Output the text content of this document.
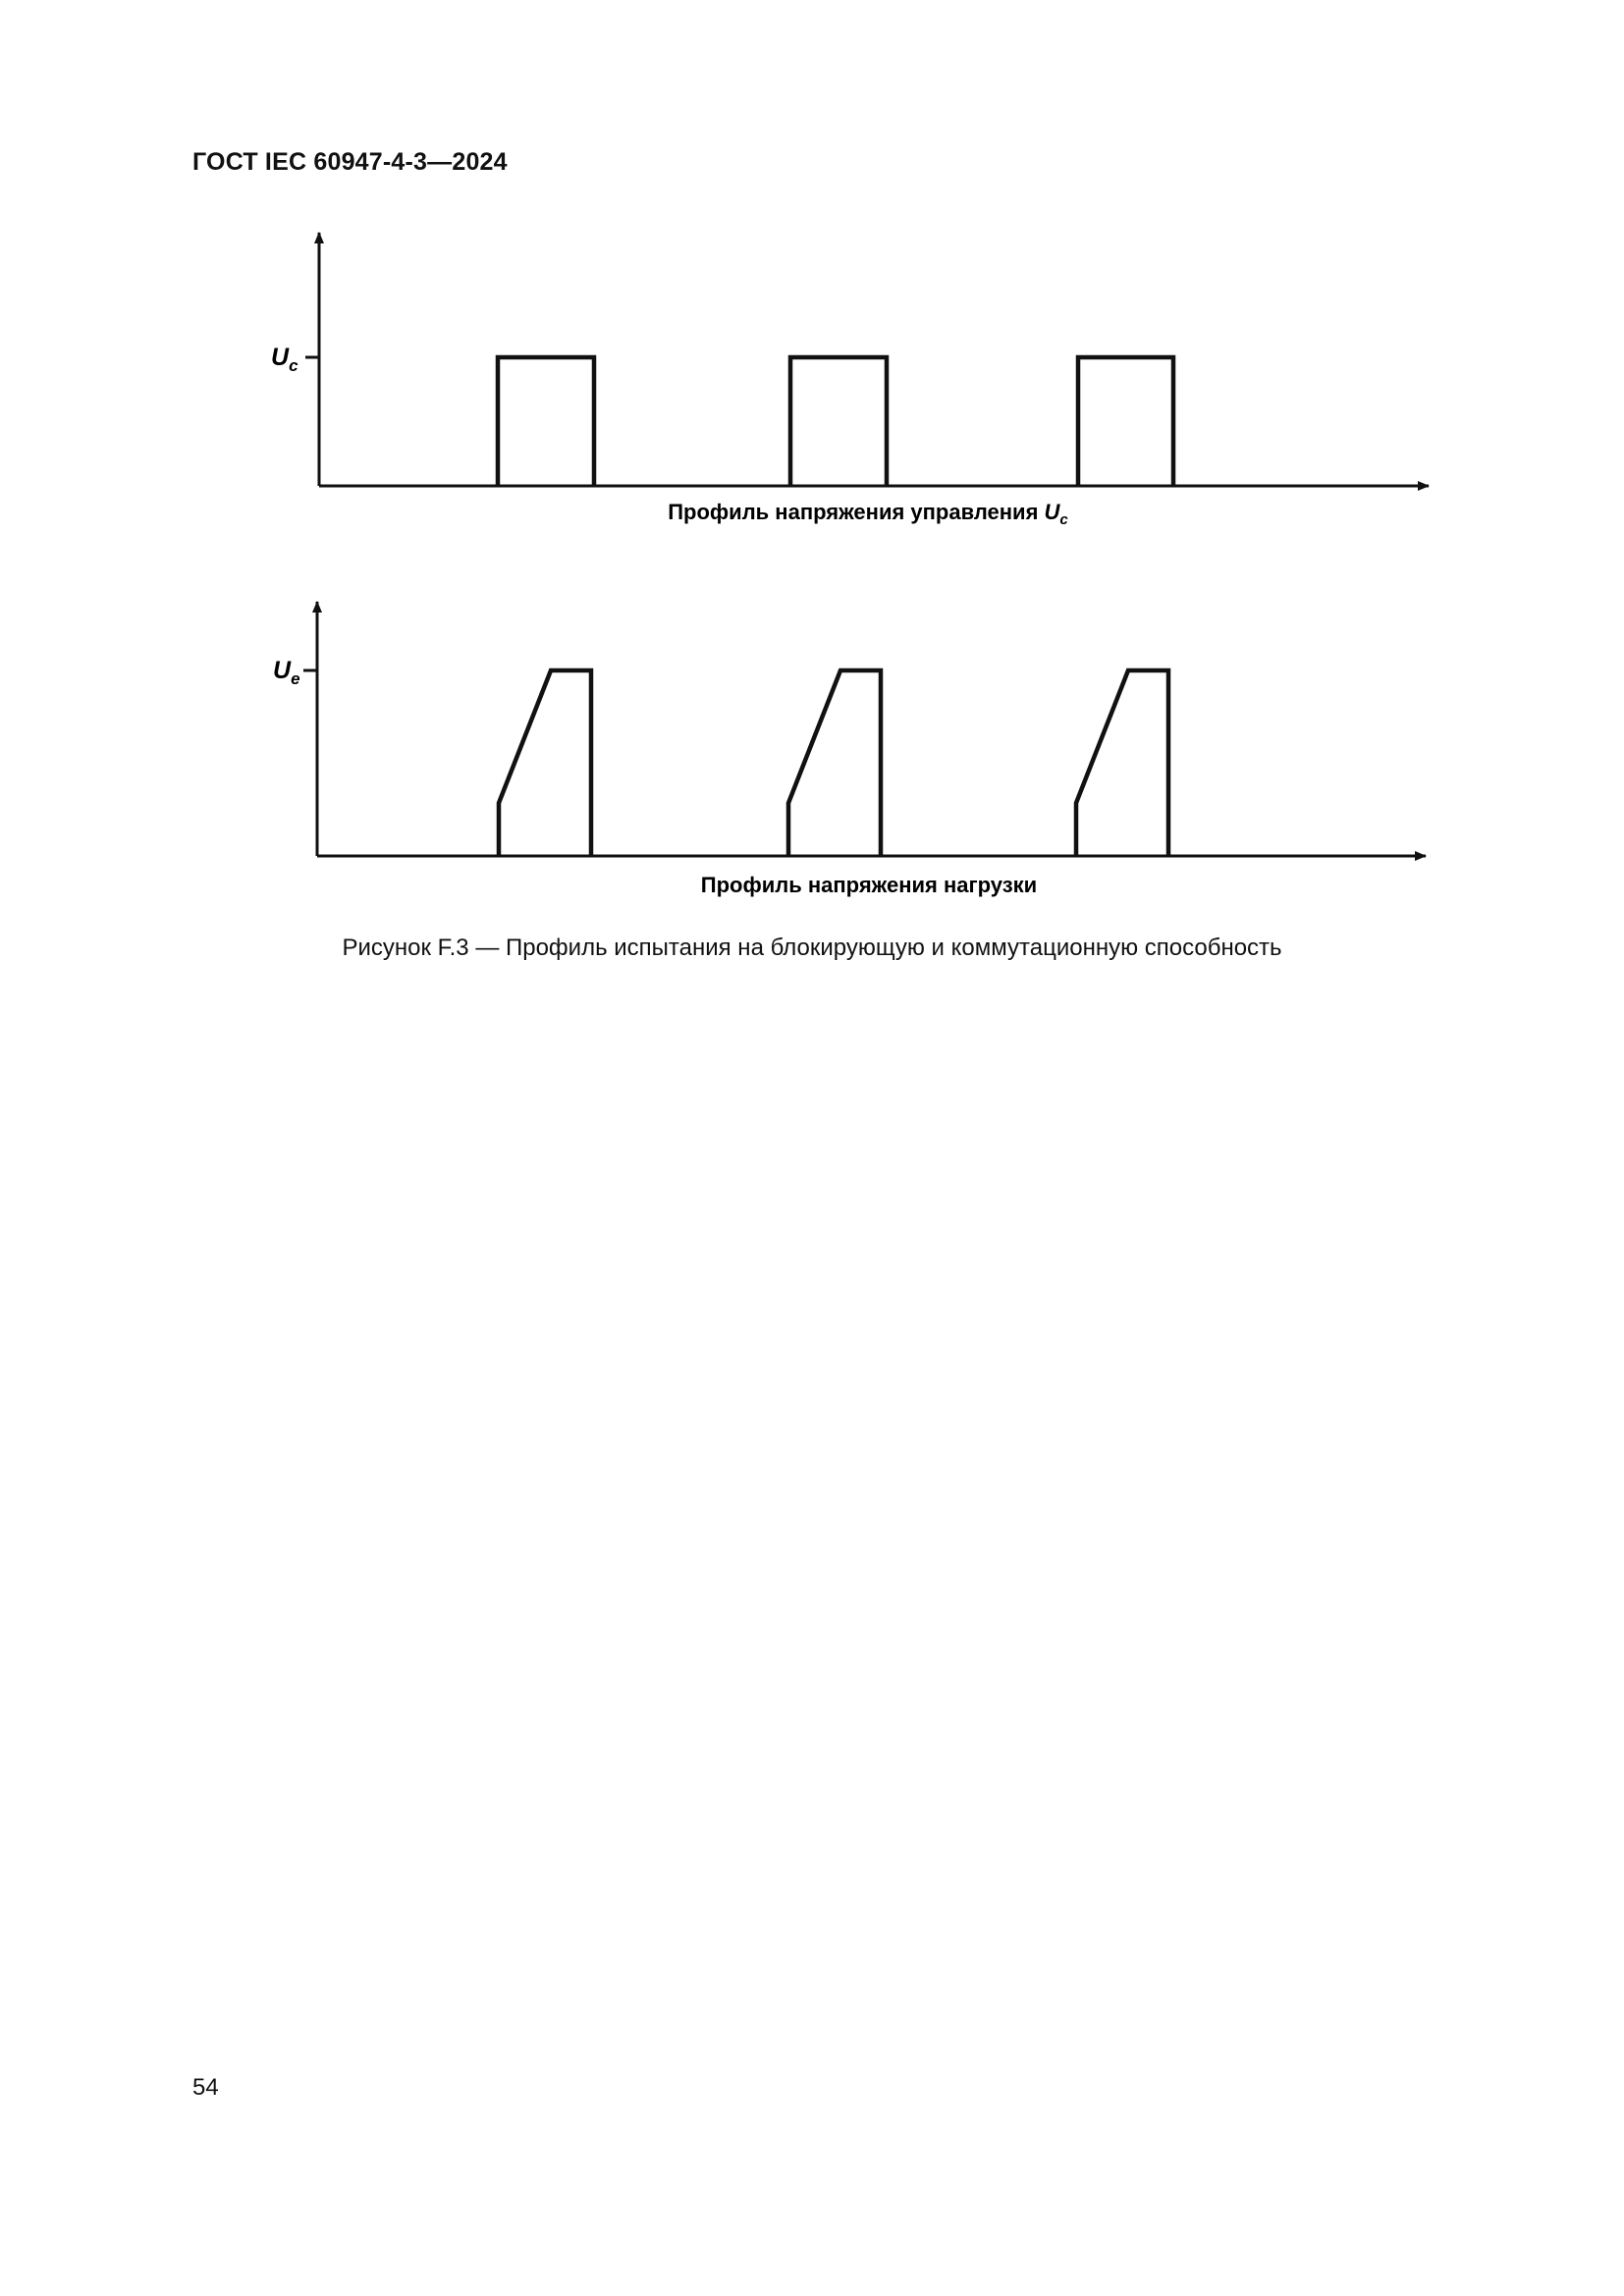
ГОСТ IEC 60947-4-3—2024
$U_c$
Профиль напряжения управления $U_c$
$U_e$
Профиль напряжения нагрузки
Рисунок F.3 — Профиль испытания на блокирующую и коммутационную способность
54
